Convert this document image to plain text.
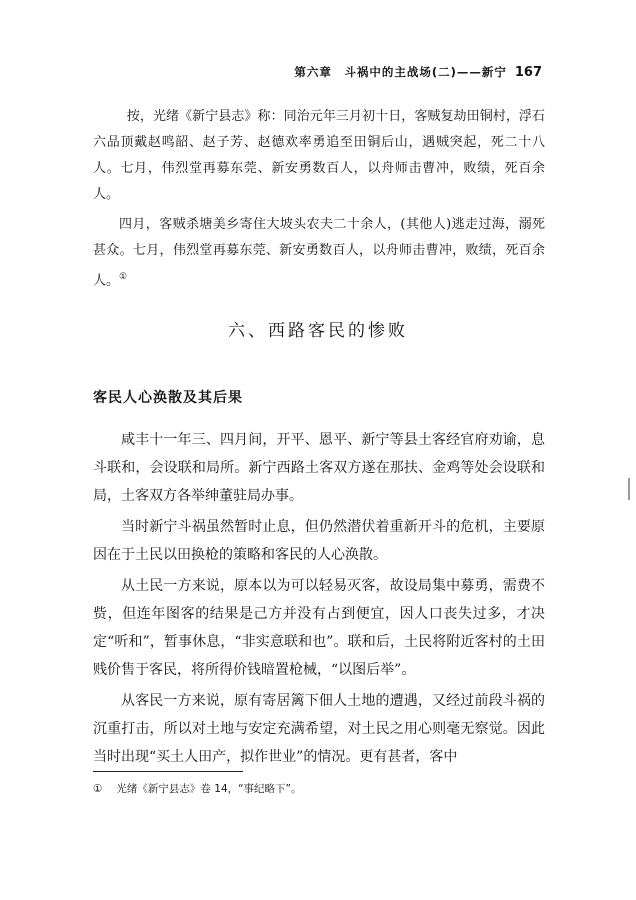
第六章　斗祸中的主战场(二)——新宁 167

按，光绪《新宁县志》称：同治元年三月初十日，客贼复劫田铜村，浮石六品顶戴赵鸣韶、赵子芳、赵德欢率勇追至田铜后山，遇贼突起，死二十八人。七月，伟烈堂再募东莞、新安勇数百人，以舟师击曹冲，败绩，死百余人。

四月，客贼杀塘美乡寄住大坡头农夫二十余人，(其他人)逃走过海，溺死甚众。七月，伟烈堂再募东莞、新安勇数百人，以舟师击曹冲，败绩，死百余人。①

六、西路客民的惨败
客民人心涣散及其后果

咸丰十一年三、四月间，开平、恩平、新宁等县土客经官府劝谕，息斗联和，会设联和局所。新宁西路土客双方遂在那扶、金鸡等处会设联和局，土客双方各举绅董驻局办事。

当时新宁斗祸虽然暂时止息，但仍然潜伏着重新开斗的危机，主要原因在于土民以田换枪的策略和客民的人心涣散。

从土民一方来说，原本以为可以轻易灭客，故设局集中募勇，需费不赀，但连年图客的结果是己方并没有占到便宜，因人口丧失过多，才决定“听和”，暂事休息，“非实意联和也”。联和后，土民将附近客村的土田贱价售于客民，将所得价钱暗置枪械，“以图后举”。

从客民一方来说，原有寄居篱下佃人土地的遭遇，又经过前段斗祸的沉重打击，所以对土地与安定充满希望，对土民之用心则毫无察觉。因此当时出现“买土人田产，拟作世业”的情况。更有甚者，客中

① 光绪《新宁县志》卷 14，“事纪略下”。
